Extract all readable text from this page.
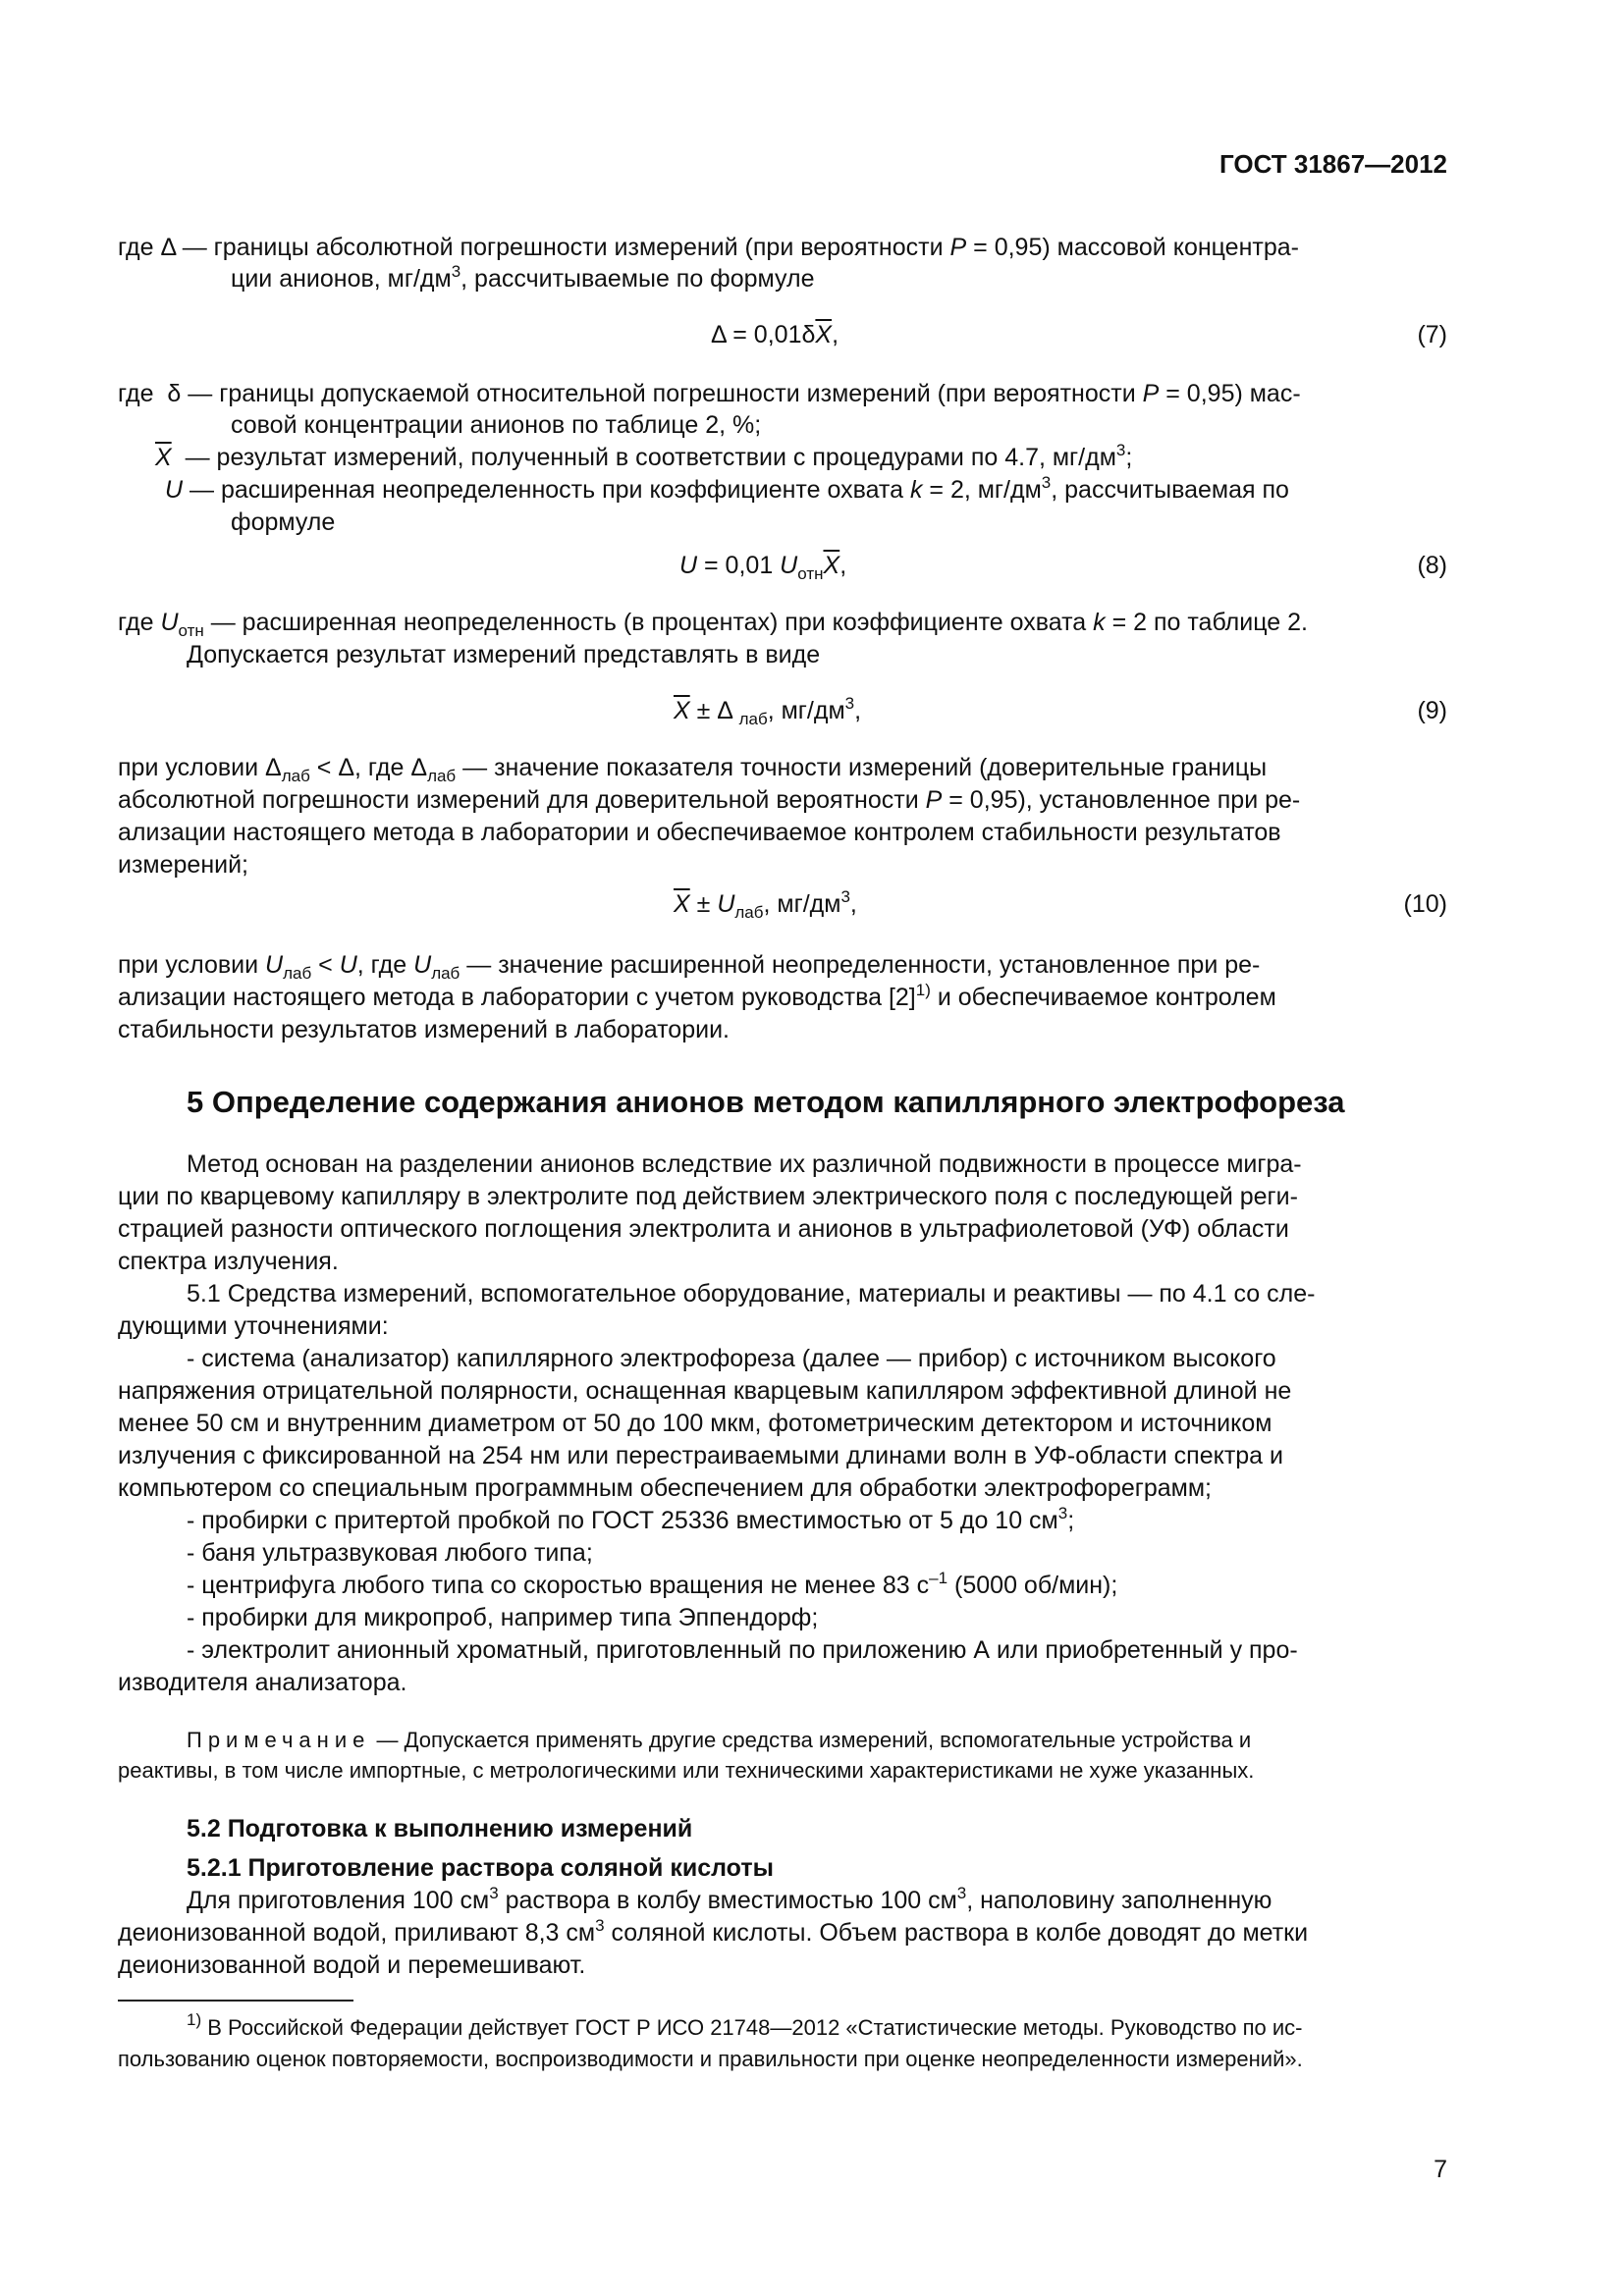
ГОСТ 31867—2012
где Δ — границы абсолютной погрешности измерений (при вероятности P = 0,95) массовой концентра-
ции анионов, $мг/дм^3$, рассчитываемые по формуле
$\Delta = 0,01\delta\overline{X}$,	(7)
где δ — границы допускаемой относительной погрешности измерений (при вероятности P = 0,95) мас-
совой концентрации анионов по таблице 2, %;
$\overline{X}$ — результат измерений, полученный в соответствии с процедурами по 4.7, $мг/дм^3$;
U — расширенная неопределенность при коэффициенте охвата k = 2, $мг/дм^3$, рассчитываемая по
формуле
U = 0,01 $U_{отн}\overline{X}$,	(8)
где $U_{отн}$ — расширенная неопределенность (в процентах) при коэффициенте охвата k = 2 по таблице 2.
Допускается результат измерений представлять в виде
$\overline{X} \pm \Delta$ $_{лаб}$, $мг/дм^3$,	(9)
при условии $\Delta_{лаб} < \Delta$, где $\Delta_{лаб}$ — значение показателя точности измерений (доверительные границы
абсолютной погрешности измерений для доверительной вероятности P = 0,95), установленное при ре-
ализации настоящего метода в лаборатории и обеспечиваемое контролем стабильности результатов
измерений;
$\overline{X} \pm U_{лаб}$, $мг/дм^3$,	(10)
при условии $U_{лаб} < U$, где $U_{лаб}$ — значение расширенной неопределенности, установленное при ре-
ализации настоящего метода в лаборатории с учетом руководства $[2]^{1)}$ и обеспечиваемое контролем
стабильности результатов измерений в лаборатории.
5 Определение содержания анионов методом капиллярного электрофореза
Метод основан на разделении анионов вследствие их различной подвижности в процессе мигра-
ции по кварцевому капилляру в электролите под действием электрического поля с последующей реги-
страцией разности оптического поглощения электролита и анионов в ультрафиолетовой (УФ) области
спектра излучения.
5.1 Средства измерений, вспомогательное оборудование, материалы и реактивы — по 4.1 со сле-
дующими уточнениями:
- система (анализатор) капиллярного электрофореза (далее — прибор) с источником высокого
напряжения отрицательной полярности, оснащенная кварцевым капилляром эффективной длиной не
менее 50 см и внутренним диаметром от 50 до 100 мкм, фотометрическим детектором и источником
излучения с фиксированной на 254 нм или перестраиваемыми длинами волн в УФ-области спектра и
компьютером со специальным программным обеспечением для обработки электрофореграмм;
- пробирки с притертой пробкой по ГОСТ 25336 вместимостью от 5 до 10 $см^3$;
- баня ультразвуковая любого типа;
- центрифуга любого типа со скоростью вращения не менее 83 $с^{-1}$ (5000 об/мин);
- пробирки для микропроб, например типа Эппендорф;
- электролит анионный хроматный, приготовленный по приложению А или приобретенный у про-
изводителя анализатора.
Примечание — Допускается применять другие средства измерений, вспомогательные устройства и
реактивы, в том числе импортные, с метрологическими или техническими характеристиками не хуже указанных.
5.2 Подготовка к выполнению измерений
5.2.1 Приготовление раствора соляной кислоты
Для приготовления 100 $см^3$ раствора в колбу вместимостью 100 $см^3$, наполовину заполненную
деионизованной водой, приливают 8,3 $см^3$ соляной кислоты. Объем раствора в колбе доводят до метки
деионизованной водой и перемешивают.
$^{1)}$ В Российской Федерации действует ГОСТ Р ИСО 21748—2012 «Статистические методы. Руководство по ис-
пользованию оценок повторяемости, воспроизводимости и правильности при оценке неопределенности измерений».
7
